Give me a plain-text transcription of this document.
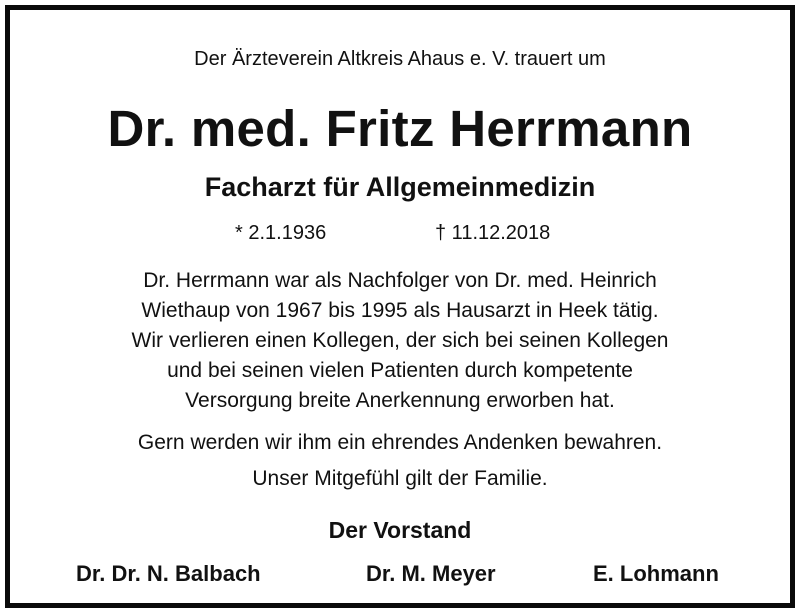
Der Ärzteverein Altkreis Ahaus e. V. trauert um
Dr. med. Fritz Herrmann
Facharzt für Allgemeinmedizin
* 2.1.1936	† 11.12.2018
Dr. Herrmann war als Nachfolger von Dr. med. Heinrich
Wiethaup von 1967 bis 1995 als Hausarzt in Heek tätig.
Wir verlieren einen Kollegen, der sich bei seinen Kollegen
und bei seinen vielen Patienten durch kompetente
Versorgung breite Anerkennung erworben hat.
Gern werden wir ihm ein ehrendes Andenken bewahren.
Unser Mitgefühl gilt der Familie.
Der Vorstand
Dr. Dr. N. Balbach	Dr. M. Meyer	E. Lohmann
